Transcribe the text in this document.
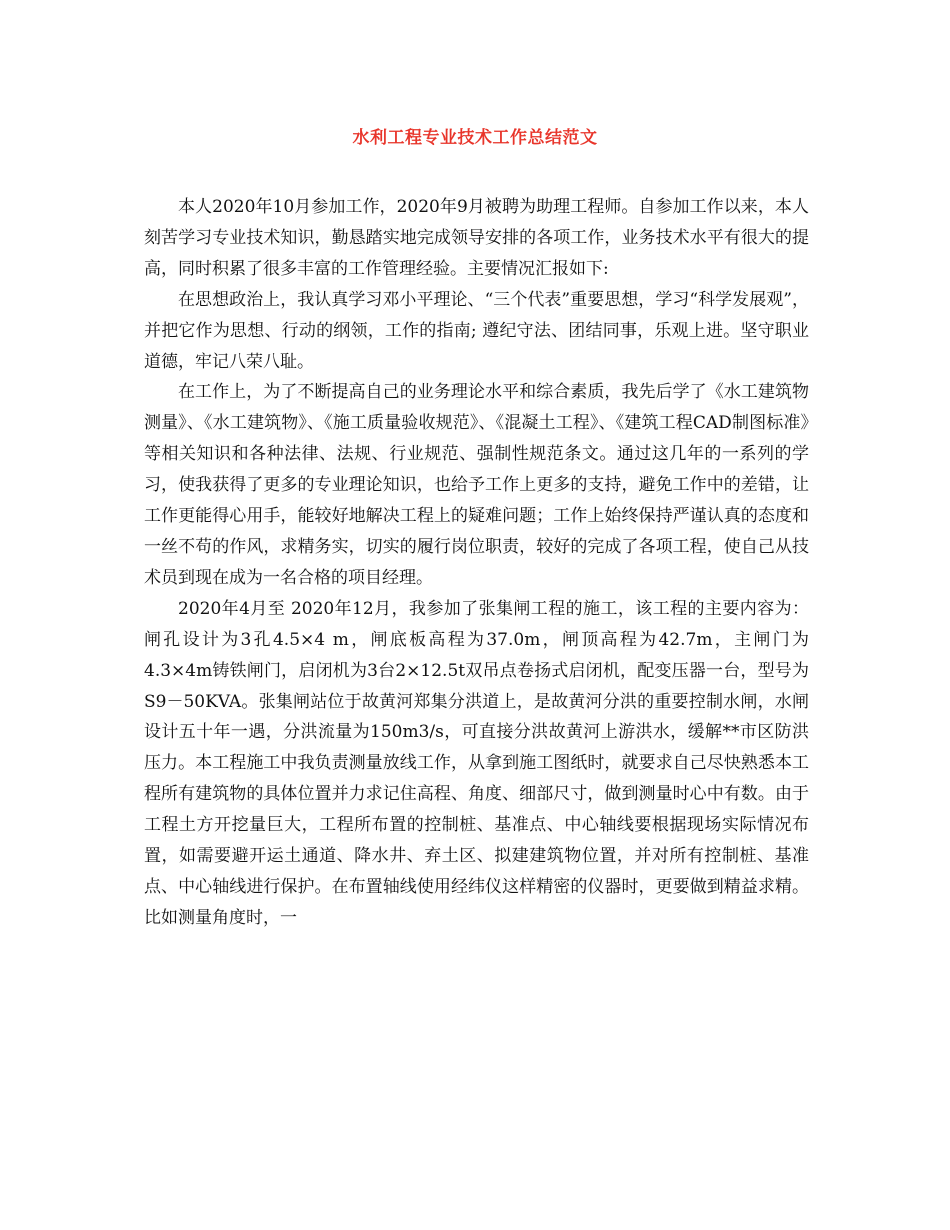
水利工程专业技术工作总结范文

本人2020年10月参加工作，2020年9月被聘为助理工程师。自参加工作以来，本人刻苦学习专业技术知识，勤恳踏实地完成领导安排的各项工作，业务技术水平有很大的提高，同时积累了很多丰富的工作管理经验。主要情况汇报如下:

在思想政治上，我认真学习邓小平理论、“三个代表”重要思想，学习“科学发展观”，并把它作为思想、行动的纲领，工作的指南; 遵纪守法、团结同事，乐观上进。坚守职业道德，牢记八荣八耻。

在工作上，为了不断提高自己的业务理论水平和综合素质，我先后学了《水工建筑物测量》、《水工建筑物》、《施工质量验收规范》、《混凝土工程》、《建筑工程CAD制图标准》等相关知识和各种法律、法规、行业规范、强制性规范条文。通过这几年的一系列的学习，使我获得了更多的专业理论知识，也给予工作上更多的支持，避免工作中的差错，让工作更能得心用手，能较好地解决工程上的疑难问题；工作上始终保持严谨认真的态度和一丝不苟的作风，求精务实，切实的履行岗位职责，较好的完成了各项工程，使自己从技术员到现在成为一名合格的项目经理。

2020年4月至 2020年12月，我参加了张集闸工程的施工，该工程的主要内容为：闸孔设计为3孔4.5×4 m，闸底板高程为37.0m，闸顶高程为42.7m，主闸门为4.3×4m铸铁闸门，启闭机为3台2×12.5t双吊点卷扬式启闭机，配变压器一台，型号为S9－50KVA。张集闸站位于故黄河郑集分洪道上，是故黄河分洪的重要控制水闸，水闸设计五十年一遇，分洪流量为150m3/s，可直接分洪故黄河上游洪水，缓解**市区防洪压力。本工程施工中我负责测量放线工作，从拿到施工图纸时，就要求自己尽快熟悉本工程所有建筑物的具体位置并力求记住高程、角度、细部尺寸，做到测量时心中有数。由于工程土方开挖量巨大，工程所布置的控制桩、基准点、中心轴线要根据现场实际情况布置，如需要避开运土通道、降水井、弃土区、拟建建筑物位置，并对所有控制桩、基准点、中心轴线进行保护。在布置轴线使用经纬仪这样精密的仪器时，更要做到精益求精。比如测量角度时，一
